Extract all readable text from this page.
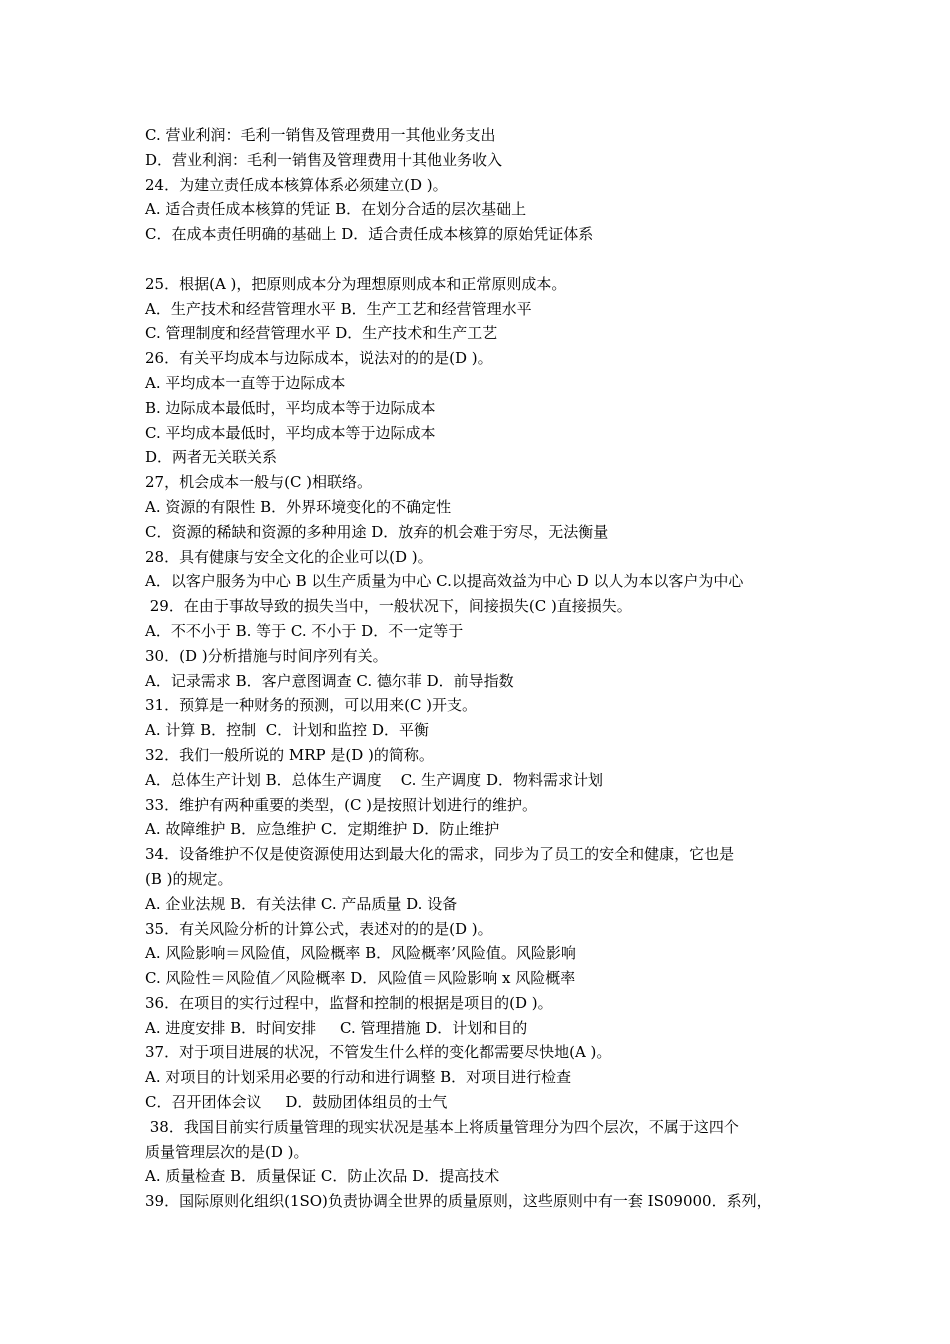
C. 营业利润：毛利一销售及管理费用一其他业务支出
D．营业利润：毛利一销售及管理费用十其他业务收入
24．为建立责任成本核算体系必须建立(D )。
A. 适合责任成本核算的凭证 B．在划分合适的层次基础上
C．在成本责任明确的基础上 D．适合责任成本核算的原始凭证体系
25．根据(A )，把原则成本分为理想原则成本和正常原则成本。
A．生产技术和经营管理水平 B．生产工艺和经营管理水平
C. 管理制度和经营管理水平 D．生产技术和生产工艺
26．有关平均成本与边际成本，说法对的的是(D )。
A. 平均成本一直等于边际成本
B. 边际成本最低时，平均成本等于边际成本
C. 平均成本最低时，平均成本等于边际成本
D．两者无关联关系
27，机会成本一般与(C )相联络。
A. 资源的有限性 B．外界环境变化的不确定性
C．资源的稀缺和资源的多种用途 D．放弃的机会难于穷尽，无法衡量
28．具有健康与安全文化的企业可以(D )。
A．以客户服务为中心 B 以生产质量为中心 C.以提高效益为中心 D 以人为本以客户为中心
29．在由于事故导致的损失当中，一般状况下，间接损失(C )直接损失。
A．不不小于 B. 等于 C. 不小于 D．不一定等于
30．(D )分析措施与时间序列有关。
A．记录需求 B．客户意图调查 C. 德尔菲 D．前导指数
31．预算是一种财务的预测，可以用来(C )开支。
A. 计算 B．控制  C．计划和监控 D．平衡
32．我们一般所说的 MRP 是(D )的简称。
A．总体生产计划 B．总体生产调度    C. 生产调度 D．物料需求计划
33．维护有两种重要的类型，(C )是按照计划进行的维护。
A. 故障维护 B．应急维护 C．定期维护 D．防止维护
34．设备维护不仅是使资源使用达到最大化的需求，同步为了员工的安全和健康，它也是
(B )的规定。
A. 企业法规 B．有关法律 C. 产品质量 D. 设备
35．有关风险分析的计算公式，表述对的的是(D )。
A. 风险影响＝风险值，风险概率 B．风险概率’风险值。风险影响
C. 风险性＝风险值／风险概率 D．风险值＝风险影响 x 风险概率
36．在项目的实行过程中，监督和控制的根据是项目的(D )。
A. 进度安排 B．时间安排     C. 管理措施 D．计划和目的
37．对于项目进展的状况，不管发生什么样的变化都需要尽快地(A )。
A. 对项目的计划采用必要的行动和进行调整 B．对项目进行检查
C．召开团体会议     D．鼓励团体组员的士气
38．我国目前实行质量管理的现实状况是基本上将质量管理分为四个层次，不属于这四个
质量管理层次的是(D )。
A. 质量检查 B．质量保证 C．防止次品 D．提高技术
39．国际原则化组织(1SO)负责协调全世界的质量原则，这些原则中有一套 IS09000．系列，
